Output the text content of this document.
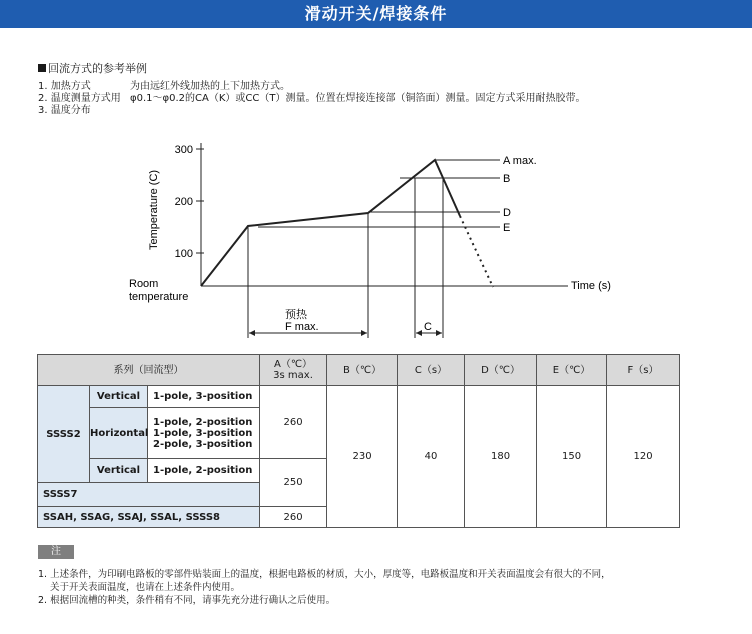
滑动开关/焊接条件
回流方式的参考举例
1. 加热方式	为由远红外线加热的上下加热方式。
2. 温度测量方式用 φ0.1～φ0.2的CA（K）或CC（T）测量。位置在焊接连接部（铜箔面）测量。固定方式采用耐热胶带。
3. 温度分布
300
200
100
Temperature (C)
Room
temperature
Time (s)
A max.
B
D
E
预热
F max.	C
系列（回流型）			A（℃）
3s max.	B（℃）	C（s）	D（℃）	E（℃）	F（s）
SSSS2	Vertical	1-pole, 3-position	260	230	40	180	150	120
	Horizontal	1-pole, 2-position
1-pole, 3-position
2-pole, 3-position						
	Vertical	1-pole, 2-position	250					
SSSS7								
SSAH, SSAG, SSAJ, SSAL, SSSS8			260					
注
1. 上述条件，为印刷电路板的零部件贴装面上的温度，根据电路板的材质，大小，厚度等，电路板温度和开关表面温度会有很大的不同，
关于开关表面温度，也请在上述条件内使用。
2. 根据回流槽的种类，条件稍有不同，请事先充分进行确认之后使用。
